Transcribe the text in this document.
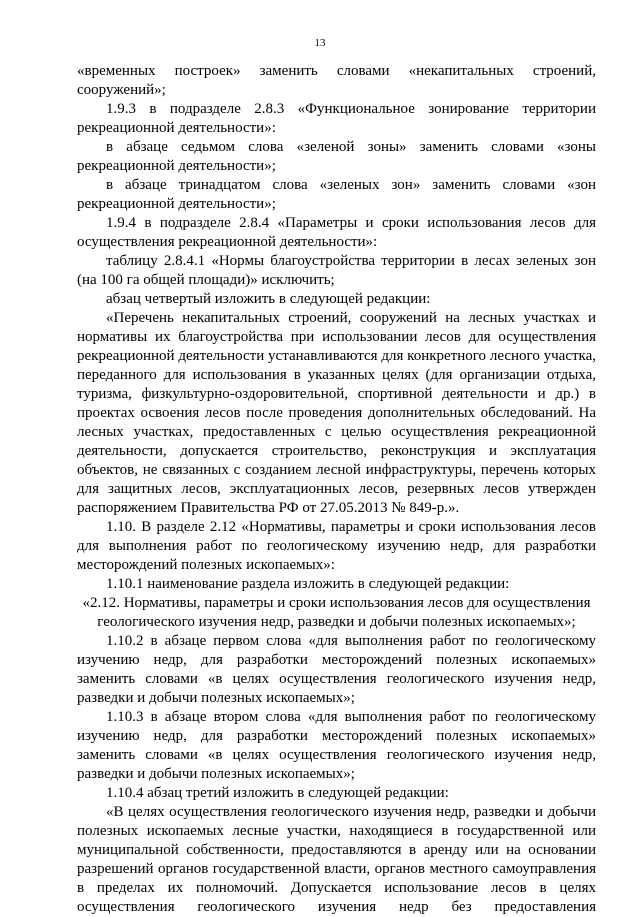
13

«временных построек» заменить словами «некапитальных строений, сооружений»;

1.9.3 в подразделе 2.8.3 «Функциональное зонирование территории рекреационной деятельности»:

в абзаце седьмом слова «зеленой зоны» заменить словами «зоны рекреационной деятельности»;

в абзаце тринадцатом слова «зеленых зон» заменить словами «зон рекреационной деятельности»;

1.9.4 в подразделе 2.8.4 «Параметры и сроки использования лесов для осуществления рекреационной деятельности»:

таблицу 2.8.4.1 «Нормы благоустройства территории в лесах зеленых зон (на 100 га общей площади)» исключить;

абзац четвертый изложить в следующей редакции:

«Перечень некапитальных строений, сооружений на лесных участках и нормативы их благоустройства при использовании лесов для осуществления рекреационной деятельности устанавливаются для конкретного лесного участка, переданного для использования в указанных целях (для организации отдыха, туризма, физкультурно-оздоровительной, спортивной деятельности и др.) в проектах освоения лесов после проведения дополнительных обследований. На лесных участках, предоставленных с целью осуществления рекреационной деятельности, допускается строительство, реконструкция и эксплуатация объектов, не связанных с созданием лесной инфраструктуры, перечень которых для защитных лесов, эксплуатационных лесов, резервных лесов утвержден распоряжением Правительства РФ от 27.05.2013 № 849-р.».

1.10. В разделе 2.12 «Нормативы, параметры и сроки использования лесов для выполнения работ по геологическому изучению недр, для разработки месторождений полезных ископаемых»:

1.10.1 наименование раздела изложить в следующей редакции:

«2.12. Нормативы, параметры и сроки использования лесов для осуществления геологического изучения недр, разведки и добычи полезных ископаемых»;

1.10.2 в абзаце первом слова «для выполнения работ по геологическому изучению недр, для разработки месторождений полезных ископаемых» заменить словами «в целях осуществления геологического изучения недр, разведки и добычи полезных ископаемых»;

1.10.3 в абзаце втором слова «для выполнения работ по геологическому изучению недр, для разработки месторождений полезных ископаемых» заменить словами «в целях осуществления геологического изучения недр, разведки и добычи полезных ископаемых»;

1.10.4 абзац третий изложить в следующей редакции:

«В целях осуществления геологического изучения недр, разведки и добычи полезных ископаемых лесные участки, находящиеся в государственной или муниципальной собственности, предоставляются в аренду или на основании разрешений органов государственной власти, органов местного самоуправления в пределах их полномочий. Допускается использование лесов в целях осуществления геологического изучения недр без предоставления
